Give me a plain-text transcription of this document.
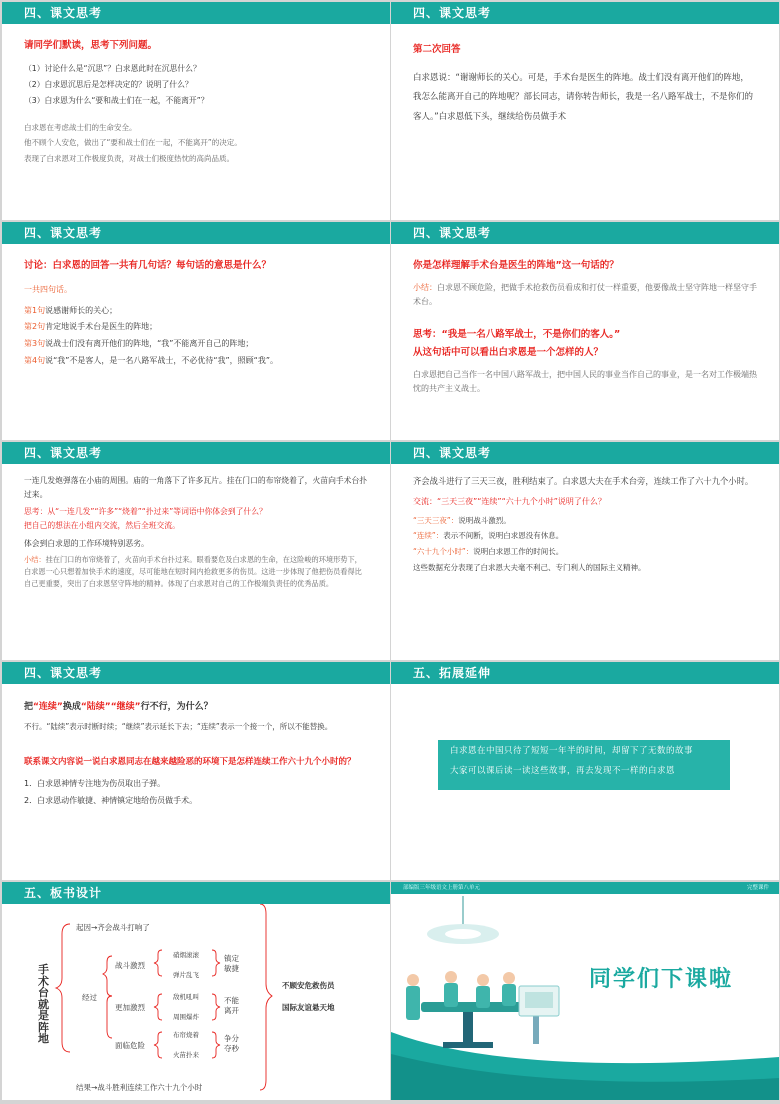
四、课文思考
请同学们默读，思考下列问题。
（1）讨论什么是“沉思”？白求恩此时在沉思什么？
（2）白求恩沉思后是怎样决定的？说明了什么？
（3）白求恩为什么“要和战士们在一起，不能离开”？
白求恩在考虑战士们的生命安全。
他不顾个人安危，做出了“要和战士们在一起，不能离开”的决定。
表现了白求恩对工作极度负责，对战士们极度热忱的高尚品质。
四、课文思考
第二次回答
白求恩说：“谢谢师长的关心。可是，手术台是医生的阵地。战士们没有离开他们的阵地，我怎么能离开自己的阵地呢？部长同志，请你转告师长，我是一名八路军战士，不是你们的客人。”白求恩低下头，继续给伤员做手术
四、课文思考
讨论：白求恩的回答一共有几句话？每句话的意思是什么？
一共四句话。
第1句说感谢师长的关心；
第2句肯定地说手术台是医生的阵地；
第3句说战士们没有离开他们的阵地，“我”不能离开自己的阵地；
第4句说“我”不是客人，是一名八路军战士，不必优待“我”，照顾“我”。
四、课文思考
你是怎样理解手术台是医生的阵地”这一句话的？
小结：白求恩不顾危险，把做手术抢救伤员看成和打仗一样重要，他要像战士坚守阵地一样坚守手术台。
思考：“我是一名八路军战士，不是你们的客人。”
从这句话中可以看出白求恩是一个怎样的人？
白求恩把自己当作一名中国八路军战士，把中国人民的事业当作自己的事业，是一名对工作极端热忱的共产主义战士。
四、课文思考
一连几发炮弹落在小庙的周围。庙的一角落下了许多瓦片。挂在门口的布帘烧着了，火苗向手术台扑过来。
思考：从“一连几发”“许多”“烧着”“扑过来”等词语中你体会到了什么？
把自己的想法在小组内交流，然后全班交流。
体会到白求恩的工作环境特别恶劣。
小结：挂在门口的布帘烧着了，火苗向手术台扑过来。眼看要危及白求恩的生命，在这险峻的环境形势下，白求恩一心只想着加快手术的速度，尽可能地在短时间内抢救更多的伤员。这进一步体现了他把伤员看得比自己更重要，突出了白求恩坚守阵地的精神。体现了白求恩对自己的工作极端负责任的优秀品质。
四、课文思考
齐会战斗进行了三天三夜，胜利结束了。白求恩大夫在手术台旁，连续工作了六十九个小时。
交流：“三天三夜”“连续”“六十九个小时”说明了什么？
“三天三夜”：说明战斗激烈。
“连续”：表示不间断，说明白求恩没有休息。
“六十九个小时”：说明白求恩工作的时间长。
这些数据充分表现了白求恩大夫毫不利己、专门利人的国际主义精神。
四、课文思考
把“连续”换成“陆续”“继续”行不行，为什么？
不行。“陆续”表示时断时续；“继续”表示延长下去；“连续”表示一个接一个，所以不能替换。
联系课文内容说一说白求恩同志在越来越险恶的环境下是怎样连续工作六十九个小时的？
1．白求恩神情专注地为伤员取出子弹。
2．白求恩动作敏捷、神情镇定地给伤员做手术。
五、拓展延伸
白求恩在中国只待了短短一年半的时间，却留下了无数的故事
大家可以课后读一读这些故事，再去发现不一样的白求恩
五、板书设计
手术台就是阵地
起因→齐会战斗打响了
经过
战斗激烈
硝烟滚滚
弹片乱飞
镇定敏捷
更加激烈
敌机吼叫
周围爆炸
不能离开
面临危险
布帘烧着
火苗扑来
争分夺秒
不顾安危救伤员
国际友谊悬天地
结果→战斗胜利连续工作六十九个小时
部编版三年级语文上册第八单元	完整课件
同学们下课啦
